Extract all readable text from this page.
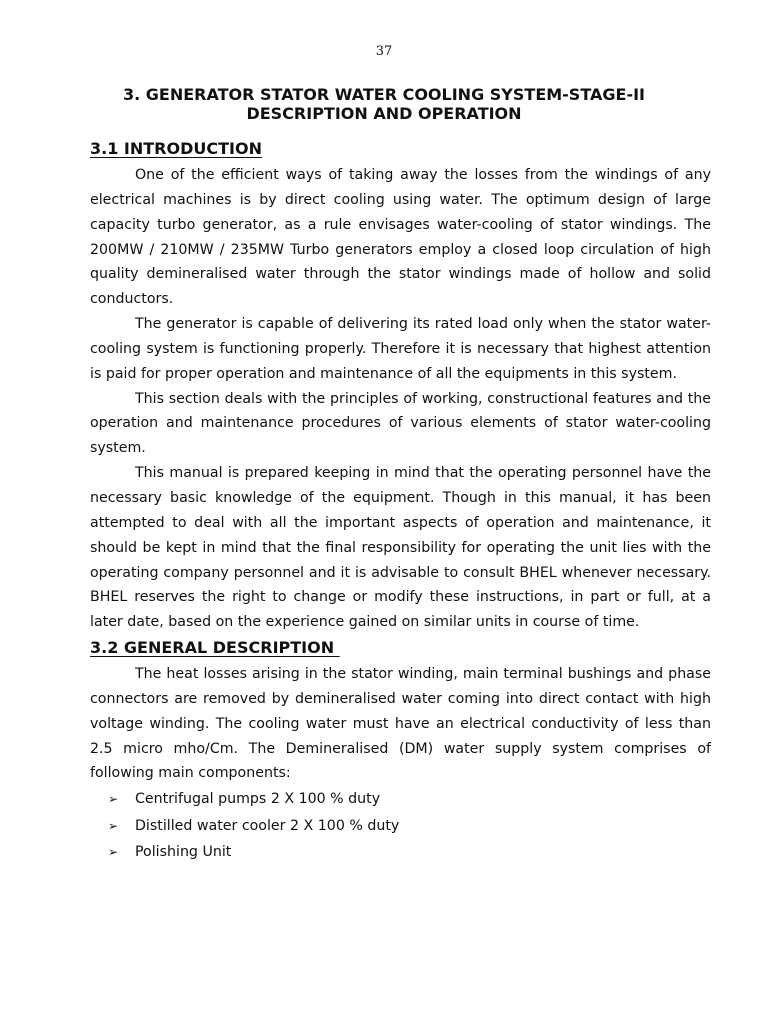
37
3. GENERATOR STATOR WATER COOLING SYSTEM-STAGE-II
DESCRIPTION AND OPERATION
3.1 INTRODUCTION

One of the efficient ways of taking away the losses from the windings of any electrical machines is by direct cooling using water. The optimum design of large capacity turbo generator, as a rule envisages water-cooling of stator windings. The 200MW / 210MW / 235MW Turbo generators employ a closed loop circulation of high quality demineralised water through the stator windings made of hollow and solid conductors.

The generator is capable of delivering its rated load only when the stator water-cooling system is functioning properly. Therefore it is necessary that highest attention is paid for proper operation and maintenance of all the equipments in this system.

This section deals with the principles of working, constructional features and the operation and maintenance procedures of various elements of stator water-cooling system.

This manual is prepared keeping in mind that the operating personnel have the necessary basic knowledge of the equipment. Though in this manual, it has been attempted to deal with all the important aspects of operation and maintenance, it should be kept in mind that the final responsibility for operating the unit lies with the operating company personnel and it is advisable to consult BHEL whenever necessary. BHEL reserves the right to change or modify these instructions, in part or full, at a later date, based on the experience gained on similar units in course of time.

3.2 GENERAL DESCRIPTION

The heat losses arising in the stator winding, main terminal bushings and phase connectors are removed by demineralised water coming into direct contact with high voltage winding. The cooling water must have an electrical conductivity of less than 2.5 micro mho/Cm. The Demineralised (DM) water supply system comprises of following main components:

➢	Centrifugal pumps 2 X 100 % duty
➢	Distilled water cooler 2 X 100 % duty
➢	Polishing Unit
